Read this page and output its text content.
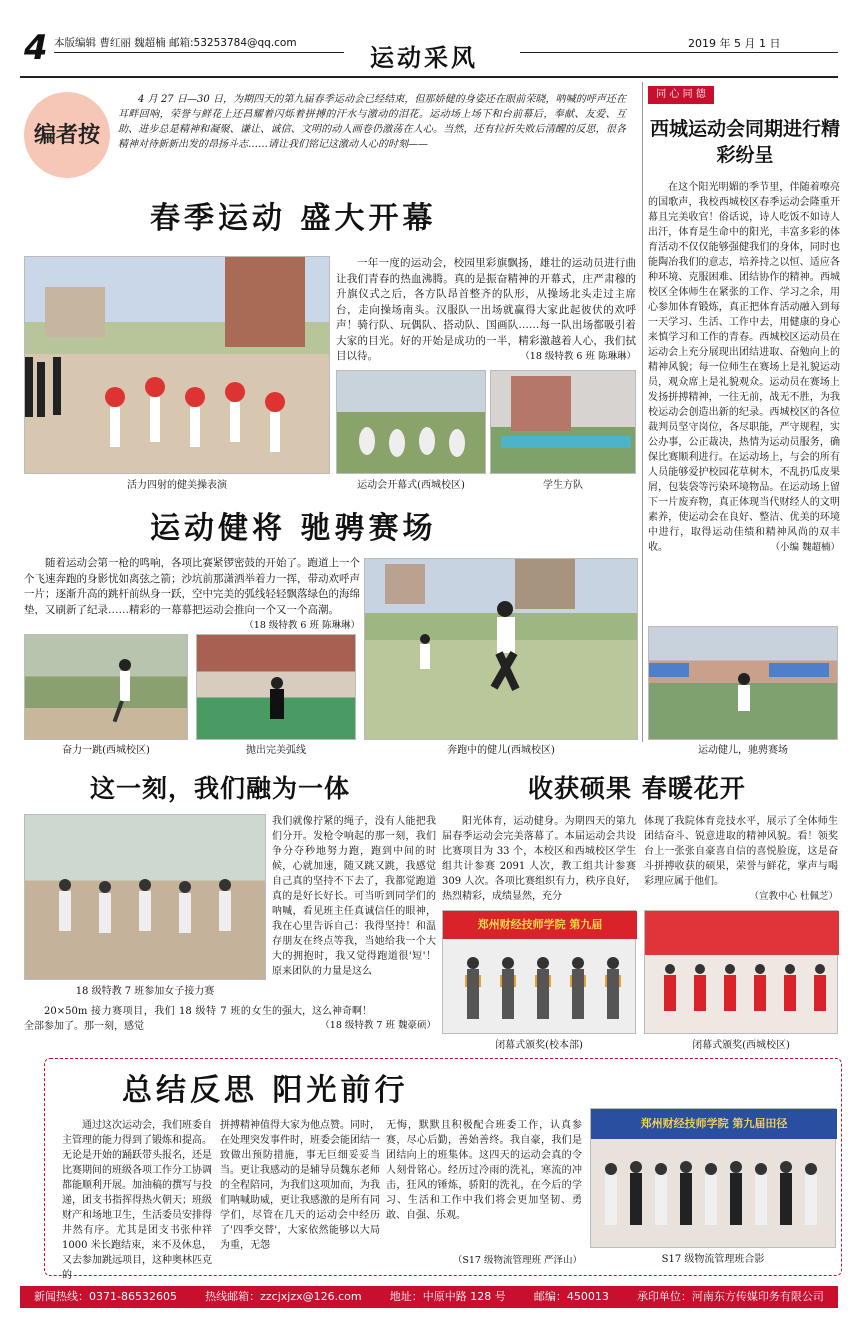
4 本版编辑 曹红丽 魏超楠 邮箱:53253784@qq.com
运动采风
2019 年 5 月 1 日
编者按
4 月 27 日—30 日，为期四天的第九届春季运动会已经结束，但那娇健的身姿还在眼前荣晓，呐喊的呼声还在耳畔回响，荣誉与鲜花上还昌耀着闪烁着拼搏的汗水与激动的泪花。运动场上场下和台前幕后，奉献、友爱、互助、进步总是精神和凝聚、谦让、诚信、文明的动人画卷仍激荡在人心。当然，还有拉折失败后清醒的反思，很各精神对待新新出发的昂扬斗志……请让我们铭记这激动人心的时刻——
春季运动 盛大开幕
活力四射的健美操表演	运动会开幕式(西城校区)	学生方队
一年一度的运动会，校园里彩旗飘扬，雄壮的运动员进行曲让我们青春的热血沸腾。真的是振奋精神的开幕式，庄严肃穆的升旗仪式之后，各方队昂首整齐的队形，从操场北头走过主席台，走向操场南头。汉服队一出场就赢得大家此起彼伏的欢呼声！骑行队、玩偶队、搭动队、国画队……每一队出场都吸引着大家的目光。好的开始是成功的一半，精彩激越着人心，我们拭目以待。	（18 级特教 6 班 陈琳琳）
运动健将 驰骋赛场
随着运动会第一枪的鸣响，各项比赛紧锣密鼓的开始了。跑道上一个个飞速奔跑的身影忧如离弦之箭；沙坑前那潇洒举着力一挥，带动欢呼声一片；逐渐升高的跳杆前纵身一跃，空中完美的弧线轻轻飘落绿色的海绵垫，又刷新了纪录……精彩的一幕幕把运动会推向一个又一个高潮。
（18 级特教 6 班 陈琳琳）
奋力一跳(西城校区)	抛出完美弧线	奔跑中的健儿(西城校区)
同 心 同 德
西城运动会同期进行精彩纷呈
在这个阳光明媚的季节里，伴随着嘹亮的国歌声，我校西城校区春季运动会隆重开幕且完美收官！俗话说，诗人吃饭不如诗人出汗，体育是生命中的阳光，丰富多彩的体育活动不仅仅能够强健我们的身体，同时也能陶冶我们的意志，培养持之以恒、适应各种环境、克服困难、团结协作的精神。西城校区全体师生在紧张的工作、学习之余，用心参加体育锻炼，真正把体育活动融入到每一天学习、生活、工作中去，用健康的身心来慎学习和工作的青春。西城校区运动员在运动会上充分展现出团结进取、奋勉向上的精神风貌；每一位师生在赛场上是礼貌运动员，观众席上是礼貌观众。运动员在赛场上发扬拼搏精神，一往无前，战无不胜，为我校运动会创造出新的纪录。西城校区的各位裁判员坚守岗位，各尽职能，严守规程，实公办事，公正裁决，热情为运动员服务，确保比赛顺利进行。在运动场上，与会的所有人员能够爱护校园花草树木，不乱扔瓜皮果屑，包装袋等污染环境物品。在运动场上留下一片废弃物，真正体现当代财经人的文明素养，使运动会在良好、整洁、优美的环境中进行，取得运动佳绩和精神风尚的双丰收。	（小编 魏超楠）
运动健儿，驰骋赛场
这一刻，我们融为一体
18 级特教 7 班参加女子接力赛
我们就像拧紧的绳子，没有人能把我们分开。发枪令响起的那一刻，我们争分夺秒地努力跑，跑到中间的时候，心就加速，随又跳又跳，我感觉自己真的坚持不下去了，我都觉跑道真的是好长好长。可当听到同学们的呐喊，看见班主任真诚信任的眼神，我在心里告诉自己：我得坚持！和温存朋友在终点等我，当她给我一个大大的拥抱时，我又觉得跑道很'短'！原来团队的力量是这么
20×50m 接力赛项目，我们 18 级特 7 班的女生全部参加了。那一刻，感觉
的强大，这么神奇啊！
（18 级特教 7 班 魏豪硕）
收获硕果 春暖花开
阳光体育，运动健身。为期四天的第九届春季运动会完美落幕了。本届运动会共设比赛项目为 33 个，本校区和西城校区学生组共计参赛 2091 人次，教工组共计参赛 309 人次。各项比赛组织有力，秩序良好，热烈精彩，成绩显然，充分
体现了我院体育竞技水平，展示了全体师生团结奋斗、锐意进取的精神风貌。看！领奖台上一张张自豪喜自信的喜悦脸庞，这是奋斗拼搏收获的硕果，荣誉与鲜花，掌声与喝彩理应属于他们。
（宣教中心 杜佩芝）
郑州财经技师学院 第九届
闭幕式颁奖(校本部)	闭幕式颁奖(西城校区)
总结反思 阳光前行
通过这次运动会，我们班委自主管理的能力得到了锻炼和提高。无论是开始的踊跃带头报名，还是比赛期间的班级各项工作分工协调都能顺利开展。加油稿的撰写与投递，团支书指挥得热火朝天；班级财产和场地卫生，生活委员安排得井然有序。尤其是团支书张仲祥 1000 米长跑结束，来不及休息，又去参加跳远项目，这种奥林匹克的
拼搏精神值得大家为他点赞。同时，在处理突发事件时，班委会能团结一致做出预防措施，事无巨细妥妥当当。更让我感动的是辅导员魏东老师的全程陪同，为我们这项加而，为我们呐喊助威，更让我感激的是所有同学们，尽管在几天的运动会中经历了'四季交替'，大家依然能够以大局为重，无怨
无悔，默默且积极配合班委工作，认真参赛，尽心后勤，善始善终。我自豪，我们是团结向上的班集体。这四天的运动会真的令人刻骨铭心。经历过冷雨的洗礼，寒流的冲击，狂风的锤炼，骄阳的洗礼，在今后的学习、生活和工作中我们将会更加坚韧、勇敢、自强、乐观。
（S17 级物流管理班 严泽山）
郑州财经技师学院 第九届田径
S17 级物流管理班合影
新闻热线：0371-86532605	热线邮箱：zzcjxjzx@126.com	地址：中原中路 128 号	邮编：450013	承印单位：河南东方传媒印务有限公司
